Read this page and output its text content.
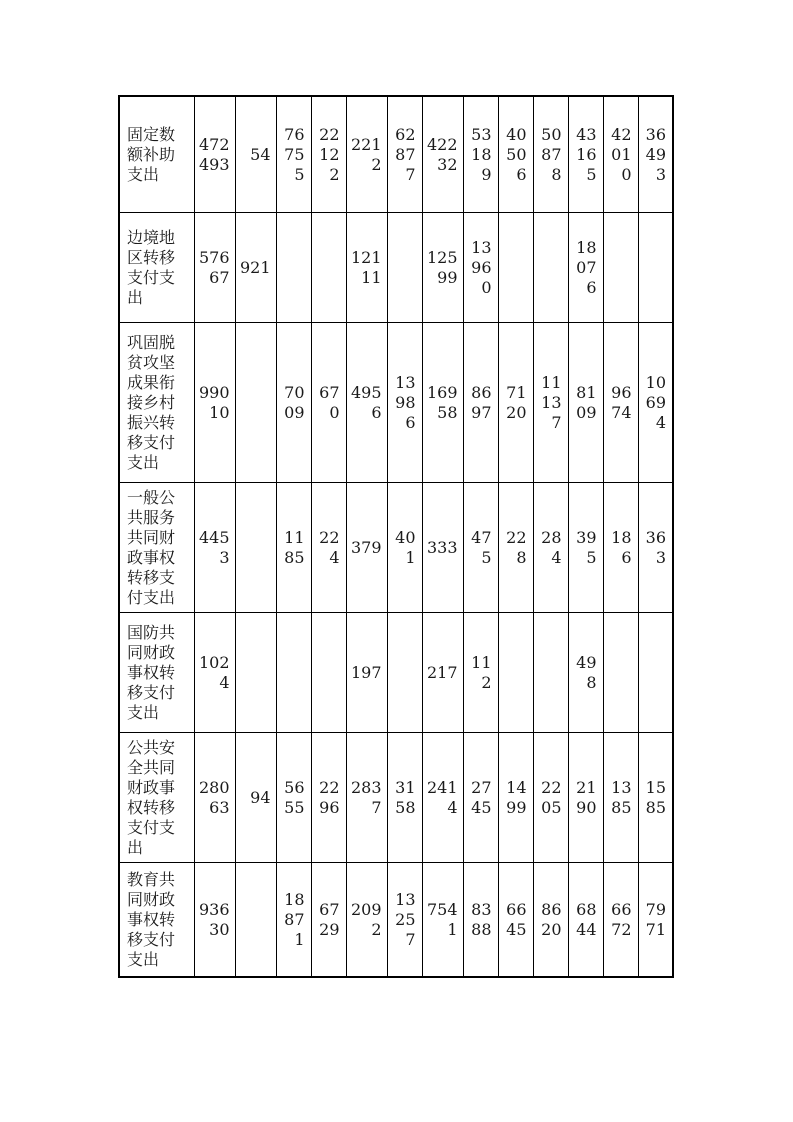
固定数额补助支出	472493	54	76755	22122	2212	62877	42232	53189	40506	50878	43165	42010	36493
边境地区转移支付支出	57667	921			12111		12599	13960			18076		
巩固脱贫攻坚成果衔接乡村振兴转移支付支出	99010		7009	670	4956	13986	16958	8697	7120	11137	8109	9674	10694
一般公共服务共同财政事权转移支付支出	4453		1185	224	379	401	333	475	228	284	395	186	363
国防共同财政事权转移支付支出	1024				197		217	112			498		
公共安全共同财政事权转移支付支出	28063	94	5655	2296	2837	3158	2414	2745	1499	2205	2190	1385	1585
教育共同财政事权转移支付支出	93630		18871	6729	2092	13257	7541	8388	6645	8620	6844	6672	7971
